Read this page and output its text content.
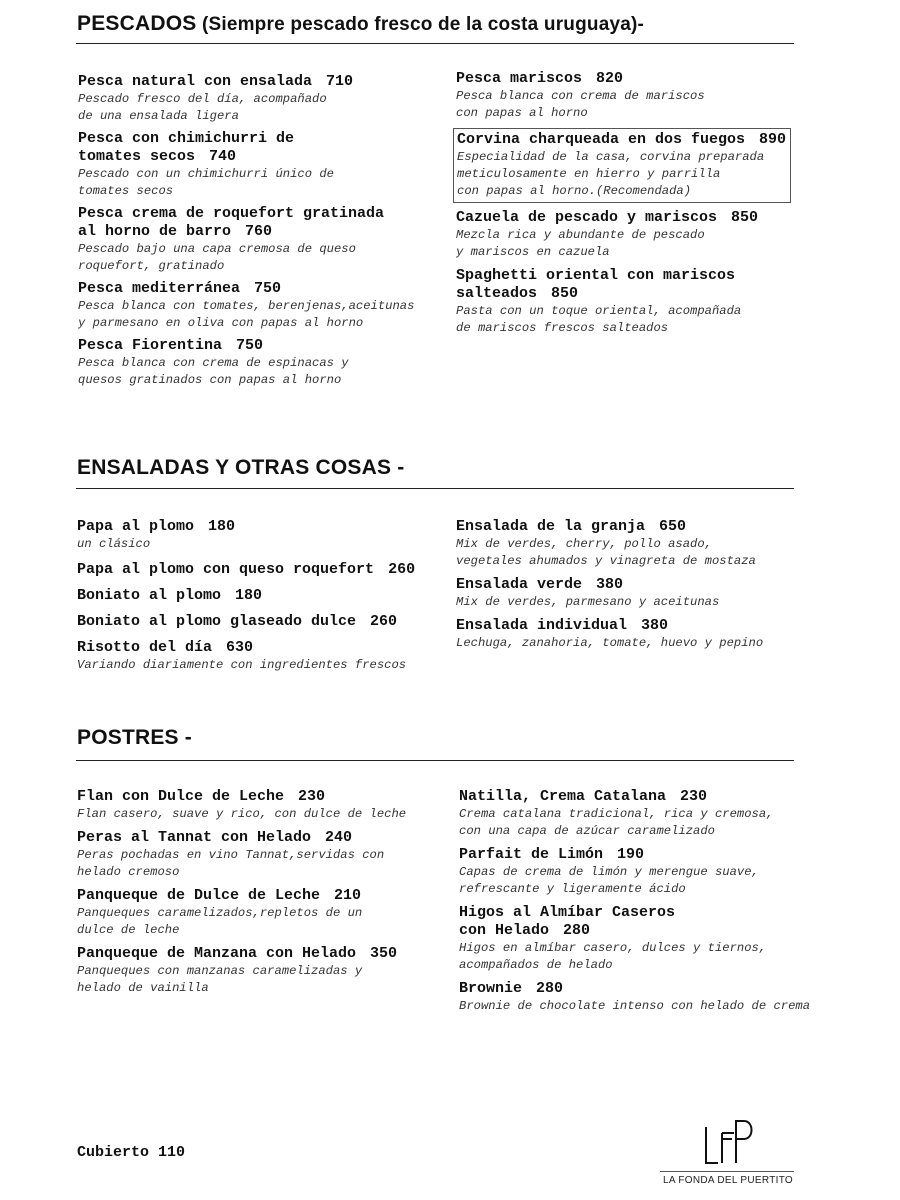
PESCADOS (Siempre pescado fresco de la costa uruguaya)-
Pesca natural con ensalada 710
Pescado fresco del día, acompañado
de una ensalada ligera
Pesca con chimichurri de
tomates secos 740
Pescado con un chimichurri único de
tomates secos
Pesca crema de roquefort gratinada
al horno de barro 760
Pescado bajo una capa cremosa de queso
roquefort, gratinado
Pesca mediterránea 750
Pesca blanca con tomates, berenjenas,aceitunas
y parmesano en oliva con papas al horno
Pesca Fiorentina 750
Pesca blanca con crema de espinacas y
quesos gratinados con papas al horno
Pesca mariscos 820
Pesca blanca con crema de mariscos
con papas al horno
Corvina charqueada en dos fuegos 890
Especialidad de la casa, corvina preparada
meticulosamente en hierro y parrilla
con papas al horno.(Recomendada)
Cazuela de pescado y mariscos 850
Mezcla rica y abundante de pescado
y mariscos en cazuela
Spaghetti oriental con mariscos
salteados 850
Pasta con un toque oriental, acompañada
de mariscos frescos salteados
ENSALADAS Y OTRAS COSAS -
Papa al plomo 180
un clásico
Papa al plomo con queso roquefort 260
Boniato al plomo 180
Boniato al plomo glaseado dulce 260
Risotto del día 630
Variando diariamente con ingredientes frescos
Ensalada de la granja 650
Mix de verdes, cherry, pollo asado,
vegetales ahumados y vinagreta de mostaza
Ensalada verde 380
Mix de verdes, parmesano y aceitunas
Ensalada individual 380
Lechuga, zanahoria, tomate, huevo y pepino
POSTRES -
Flan con Dulce de Leche 230
Flan casero, suave y rico, con dulce de leche
Peras al Tannat con Helado 240
Peras pochadas en vino Tannat,servidas con
helado cremoso
Panqueque de Dulce de Leche 210
Panqueques caramelizados,repletos de un
dulce de leche
Panqueque de Manzana con Helado 350
Panqueques con manzanas caramelizadas y
helado de vainilla
Natilla, Crema Catalana 230
Crema catalana tradicional, rica y cremosa,
con una capa de azúcar caramelizado
Parfait de Limón 190
Capas de crema de limón y merengue suave,
refrescante y ligeramente ácido
Higos al Almíbar Caseros
con Helado 280
Higos en almíbar casero, dulces y tiernos,
acompañados de helado
Brownie 280
Brownie de chocolate intenso con helado de crema
Cubierto 110
LA FONDA DEL PUERTITO
